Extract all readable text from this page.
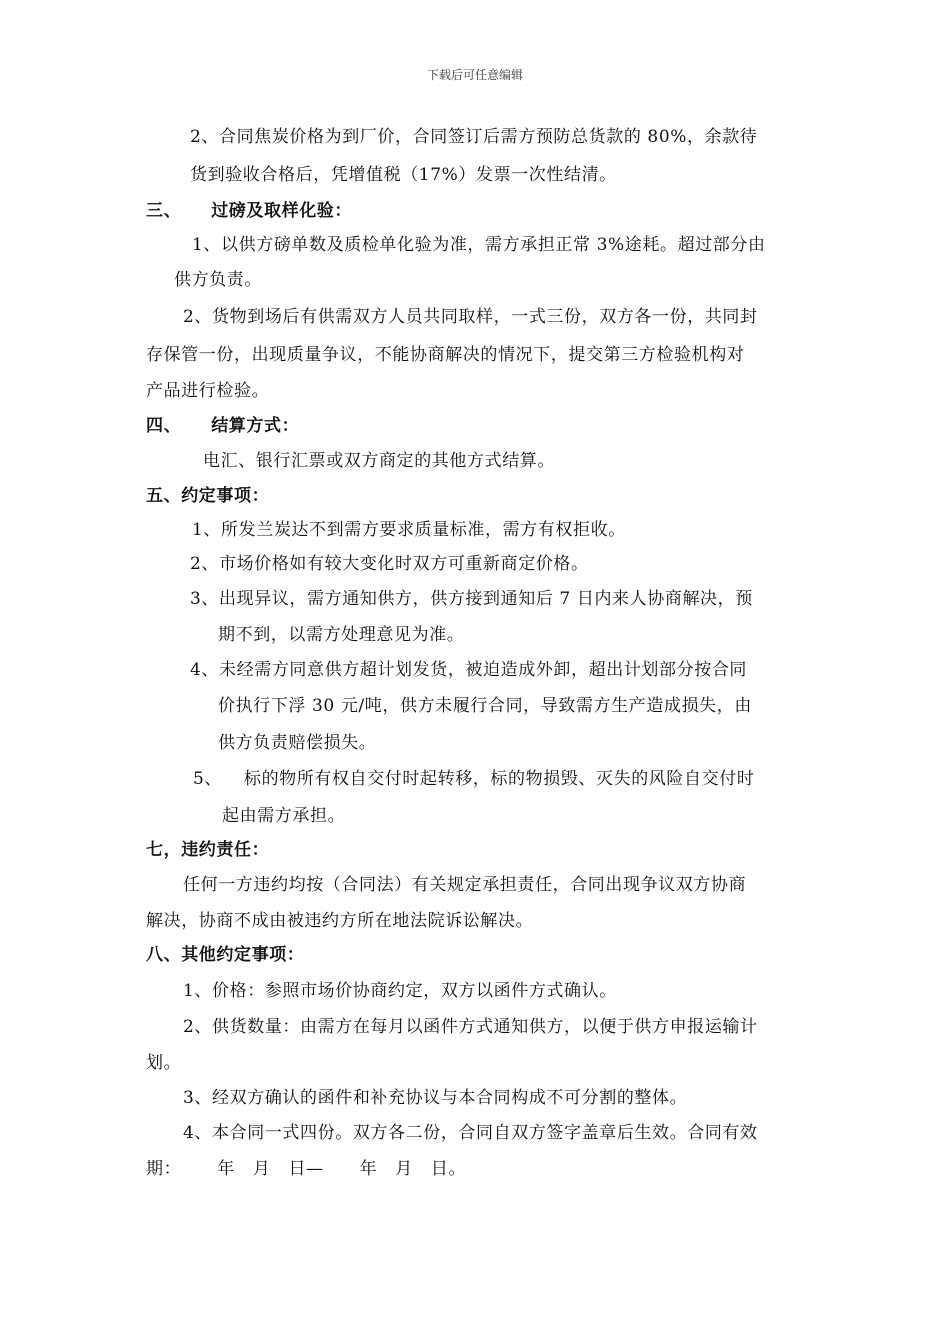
下载后可任意编辑
2、合同焦炭价格为到厂价，合同签订后需方预防总货款的 80%，余款待
货到验收合格后，凭增值税（17%）发票一次性结清。
三、 过磅及取样化验：
1、以供方磅单数及质检单化验为准，需方承担正常 3%途耗。超过部分由
供方负责。
2、货物到场后有供需双方人员共同取样，一式三份，双方各一份，共同封
存保管一份，出现质量争议，不能协商解决的情况下，提交第三方检验机构对
产品进行检验。
四、 结算方式：
电汇、银行汇票或双方商定的其他方式结算。
五、约定事项：
1、所发兰炭达不到需方要求质量标准，需方有权拒收。
2、市场价格如有较大变化时双方可重新商定价格。
3、出现异议，需方通知供方，供方接到通知后 7 日内来人协商解决，预
期不到，以需方处理意见为准。
4、未经需方同意供方超计划发货，被迫造成外卸，超出计划部分按合同
价执行下浮 30 元/吨，供方未履行合同，导致需方生产造成损失，由
供方负责赔偿损失。
5、 标的物所有权自交付时起转移，标的物损毁、灭失的风险自交付时
起由需方承担。
七，违约责任：
任何一方违约均按（合同法）有关规定承担责任，合同出现争议双方协商
解决，协商不成由被违约方所在地法院诉讼解决。
八、其他约定事项：
1、价格：参照市场价协商约定，双方以函件方式确认。
2、供货数量：由需方在每月以函件方式通知供方，以便于供方申报运输计
划。
3、经双方确认的函件和补充协议与本合同构成不可分割的整体。
4、本合同一式四份。双方各二份，合同自双方签字盖章后生效。合同有效
期：      年   月   日—      年   月   日。
